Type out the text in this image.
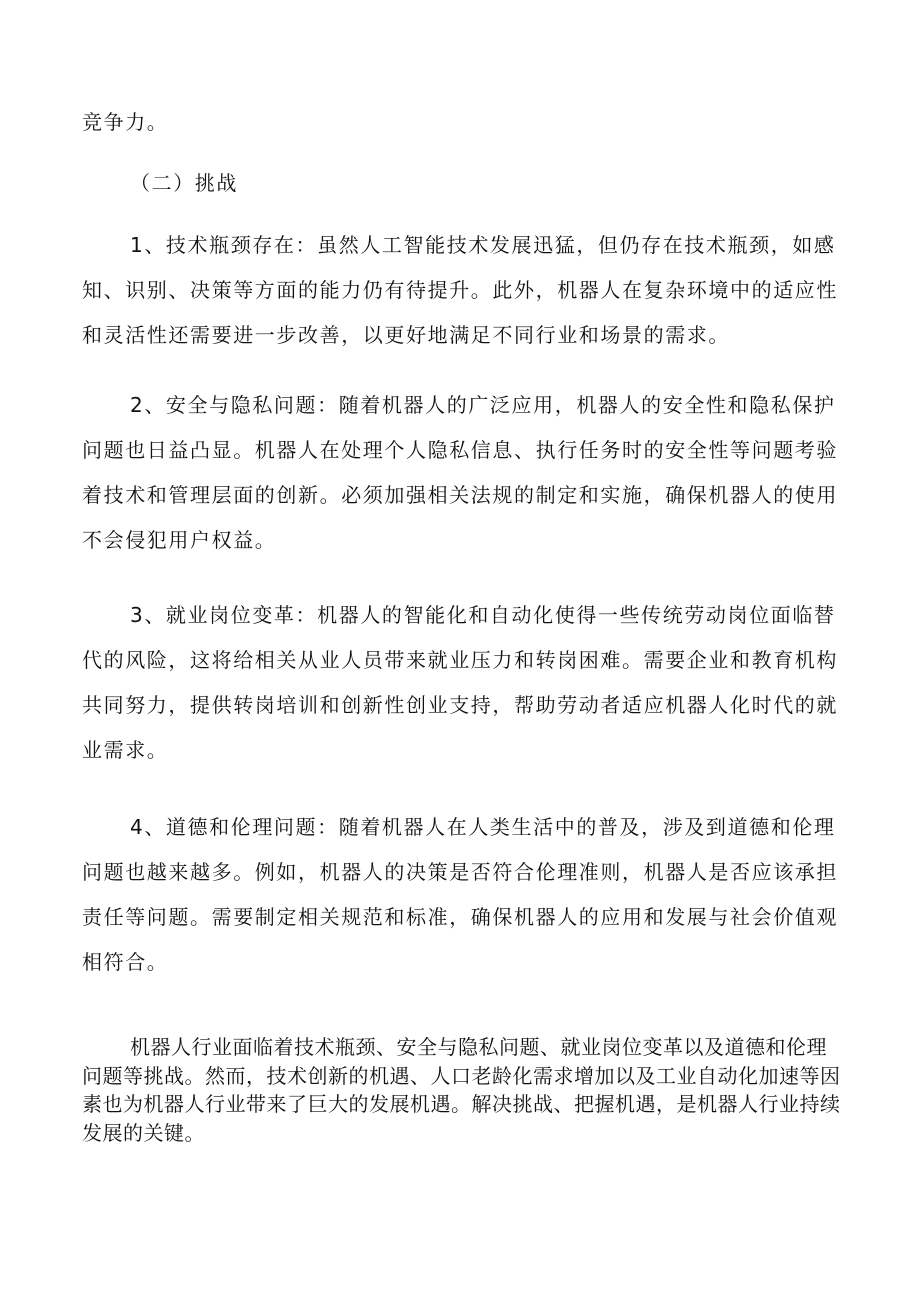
竞争力。

（二）挑战

1、技术瓶颈存在：虽然人工智能技术发展迅猛，但仍存在技术瓶颈，如感知、识别、决策等方面的能力仍有待提升。此外，机器人在复杂环境中的适应性和灵活性还需要进一步改善，以更好地满足不同行业和场景的需求。

2、安全与隐私问题：随着机器人的广泛应用，机器人的安全性和隐私保护问题也日益凸显。机器人在处理个人隐私信息、执行任务时的安全性等问题考验着技术和管理层面的创新。必须加强相关法规的制定和实施，确保机器人的使用不会侵犯用户权益。

3、就业岗位变革：机器人的智能化和自动化使得一些传统劳动岗位面临替代的风险，这将给相关从业人员带来就业压力和转岗困难。需要企业和教育机构共同努力，提供转岗培训和创新性创业支持，帮助劳动者适应机器人化时代的就业需求。

4、道德和伦理问题：随着机器人在人类生活中的普及，涉及到道德和伦理问题也越来越多。例如，机器人的决策是否符合伦理准则，机器人是否应该承担责任等问题。需要制定相关规范和标准，确保机器人的应用和发展与社会价值观相符合。

机器人行业面临着技术瓶颈、安全与隐私问题、就业岗位变革以及道德和伦理问题等挑战。然而，技术创新的机遇、人口老龄化需求增加以及工业自动化加速等因素也为机器人行业带来了巨大的发展机遇。解决挑战、把握机遇，是机器人行业持续发展的关键。
